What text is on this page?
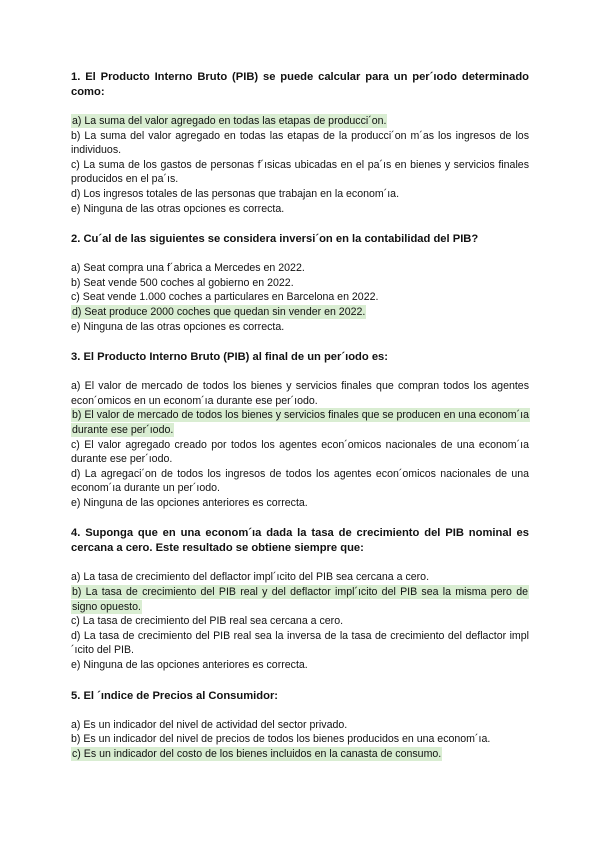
1. El Producto Interno Bruto (PIB) se puede calcular para un per´ıodo determinado como:

a) La suma del valor agregado en todas las etapas de producci´on.

b) La suma del valor agregado en todas las etapas de la producci´on m´as los ingresos de los individuos.

c) La suma de los gastos de personas f´ısicas ubicadas en el pa´ıs en bienes y servicios finales producidos en el pa´ıs.

d) Los ingresos totales de las personas que trabajan en la econom´ıa.

e) Ninguna de las otras opciones es correcta.

2. Cu´al de las siguientes se considera inversi´on en la contabilidad del PIB?

a) Seat compra una f´abrica a Mercedes en 2022.

b) Seat vende 500 coches al gobierno en 2022.

c) Seat vende 1.000 coches a particulares en Barcelona en 2022.

d) Seat produce 2000 coches que quedan sin vender en 2022.

e) Ninguna de las otras opciones es correcta.

3. El Producto Interno Bruto (PIB) al final de un per´ıodo es:

a) El valor de mercado de todos los bienes y servicios finales que compran todos los agentes econ´omicos en un econom´ıa durante ese per´ıodo.

b) El valor de mercado de todos los bienes y servicios finales que se producen en una econom´ıa durante ese per´ıodo.

c) El valor agregado creado por todos los agentes econ´omicos nacionales de una econom´ıa durante ese per´ıodo.

d) La agregaci´on de todos los ingresos de todos los agentes econ´omicos nacionales de una econom´ıa durante un per´ıodo.

e) Ninguna de las opciones anteriores es correcta.

4. Suponga que en una econom´ıa dada la tasa de crecimiento del PIB nominal es cercana a cero. Este resultado se obtiene siempre que:

a) La tasa de crecimiento del deflactor impl´ıcito del PIB sea cercana a cero.

b) La tasa de crecimiento del PIB real y del deflactor impl´ıcito del PIB sea la misma pero de signo opuesto.

c) La tasa de crecimiento del PIB real sea cercana a cero.

d) La tasa de crecimiento del PIB real sea la inversa de la tasa de crecimiento del deflactor impl´ıcito del PIB.

e) Ninguna de las opciones anteriores es correcta.

5. El ´ındice de Precios al Consumidor:

a) Es un indicador del nivel de actividad del sector privado.

b) Es un indicador del nivel de precios de todos los bienes producidos en una econom´ıa.

c) Es un indicador del costo de los bienes incluidos en la canasta de consumo.
